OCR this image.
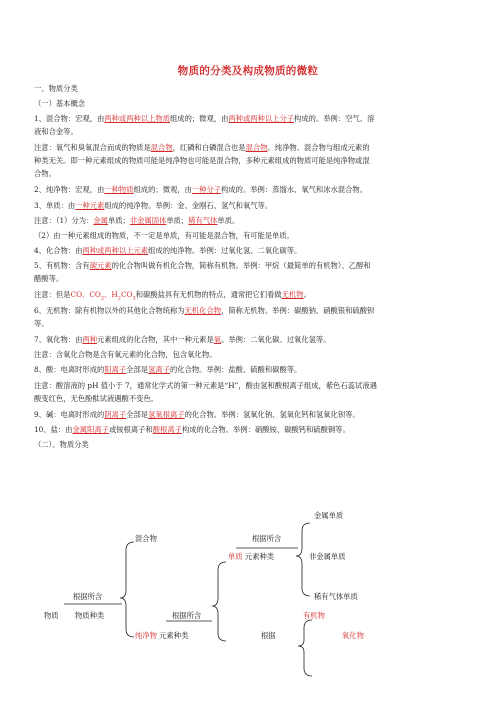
物质的分类及构成物质的微粒
一、物质分类
（一）基本概念
1、混合物：宏观，由两种或两种以上物质组成的；微观，由两种或两种以上分子构成的。举例：空气、溶
液和合金等。
注意：氧气和臭氧混合而成的物质是混合物，红磷和白磷混合也是混合物。纯净物、混合物与组成元素的
种类无关。即一种元素组成的物质可能是纯净物也可能是混合物，多种元素组成的物质可能是纯净物或混
合物。
2、纯净物：宏观，由一种物质组成的；微观，由一种分子构成的。举例：蒸馏水、氧气和冰水混合物。
3、单质：由一种元素组成的纯净物。举例：金、金刚石、氢气和氧气等。
注意：（1）分为：金属单质；非金属固体单质；稀有气体单质。
（2）由一种元素组成的物质，不一定是单质，有可能是混合物，有可能是单质。
4、化合物：由两种或两种以上元素组成的纯净物。举例：过氧化氢、二氧化碳等。
5、有机物：含有碳元素的化合物叫做有机化合物，简称有机物。举例：甲烷（最简单的有机物）、乙醇和
醋酸等。
注意：但是CO、$CO_2$、$H_2CO_3$和碳酸盐具有无机物的特点，通常把它们看做无机物。
6、无机物：除有机物以外的其他化合物统称为无机化合物，简称无机物。举例：碳酸钠、硝酸银和硫酸钡
等。
7、氧化物：由两种元素组成的化合物，其中一种元素是氧。举例：二氧化碳、过氧化氢等。
注意：含氧化合物是含有氧元素的化合物，包含氧化物。
8、酸：电离时形成的阳离子全部是氢离子的化合物。举例：盐酸、硫酸和碳酸等。
注意：酸溶液的 pH 值小于 7，通常化学式的第一种元素是“H”，酸由氢和酸根离子组成，紫色石蕊试液遇
酸变红色，无色酚酞试液遇酸不变色。
9、碱：电离时形成的阴离子全部是氢氧根离子的化合物。举例：氢氧化钠、氢氧化钙和氢氧化钡等。
10、盐：由金属阳离子或铵根离子和酸根离子构成的化合物。举例：硝酸铵、碳酸钙和硫酸铜等。
（二）、物质分类
金属单质
混合物	根据所含
单质 元素种类	非金属单质
根据所含	稀有气体单质
物质 物质种类	根据所含	有机物
纯净物 元素种类	根据	氧化物
